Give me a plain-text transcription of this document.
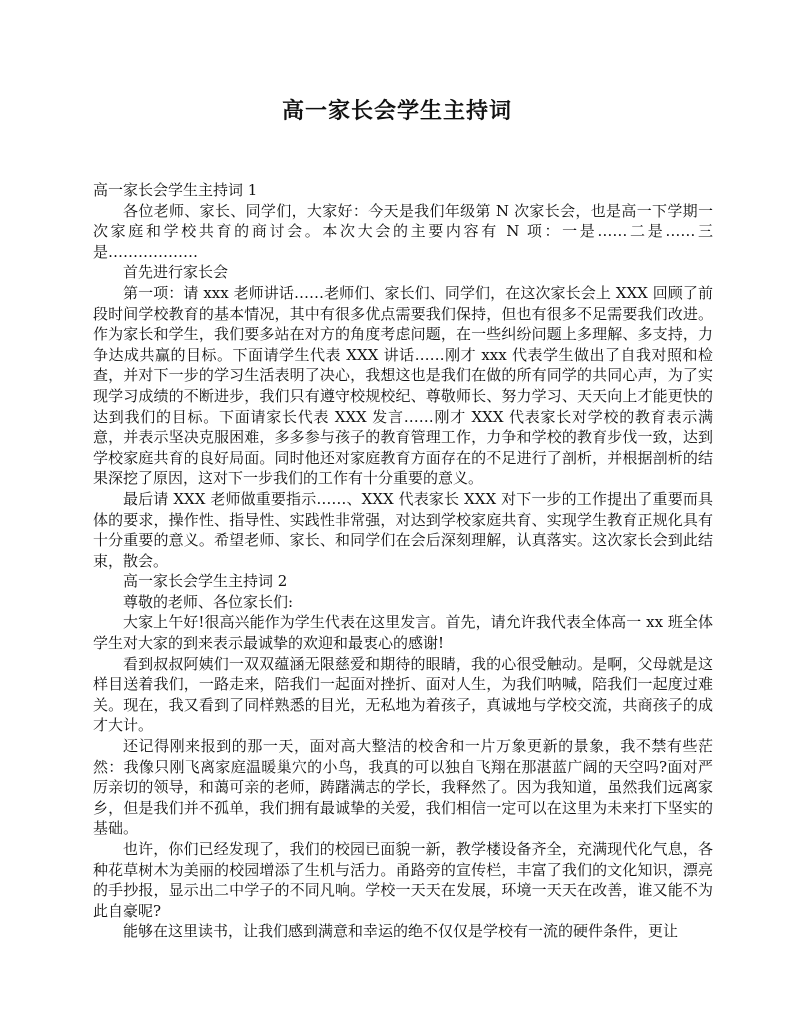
高一家长会学生主持词

高一家长会学生主持词 1

各位老师、家长、同学们，大家好：今天是我们年级第 N 次家长会，也是高一下学期一次家庭和学校共育的商讨会。本次大会的主要内容有 N 项：一是……二是……三是………………

首先进行家长会

第一项：请 xxx 老师讲话……老师们、家长们、同学们，在这次家长会上 XXX 回顾了前段时间学校教育的基本情况，其中有很多优点需要我们保持，但也有很多不足需要我们改进。作为家长和学生，我们要多站在对方的角度考虑问题，在一些纠纷问题上多理解、多支持，力争达成共赢的目标。下面请学生代表 XXX 讲话……刚才 xxx 代表学生做出了自我对照和检查，并对下一步的学习生活表明了决心，我想这也是我们在做的所有同学的共同心声，为了实现学习成绩的不断进步，我们只有遵守校规校纪、尊敬师长、努力学习、天天向上才能更快的达到我们的目标。下面请家长代表 XXX 发言……刚才 XXX 代表家长对学校的教育表示满意，并表示坚决克服困难，多多参与孩子的教育管理工作，力争和学校的教育步伐一致，达到学校家庭共育的良好局面。同时他还对家庭教育方面存在的不足进行了剖析，并根据剖析的结果深挖了原因，这对下一步我们的工作有十分重要的意义。

最后请 XXX 老师做重要指示……、XXX 代表家长 XXX 对下一步的工作提出了重要而具体的要求，操作性、指导性、实践性非常强，对达到学校家庭共育、实现学生教育正规化具有十分重要的意义。希望老师、家长、和同学们在会后深刻理解，认真落实。这次家长会到此结束，散会。

高一家长会学生主持词 2

尊敬的老师、各位家长们:

大家上午好!很高兴能作为学生代表在这里发言。首先，请允许我代表全体高一 xx 班全体学生对大家的到来表示最诚挚的欢迎和最衷心的感谢!

看到叔叔阿姨们一双双蕴涵无限慈爱和期待的眼睛，我的心很受触动。是啊，父母就是这样目送着我们，一路走来，陪我们一起面对挫折、面对人生，为我们呐喊，陪我们一起度过难关。现在，我又看到了同样熟悉的目光，无私地为着孩子，真诚地与学校交流，共商孩子的成才大计。

还记得刚来报到的那一天，面对高大整洁的校舍和一片万象更新的景象，我不禁有些茫然：我像只刚飞离家庭温暖巢穴的小鸟，我真的可以独自飞翔在那湛蓝广阔的天空吗?面对严厉亲切的领导，和蔼可亲的老师，踌躇满志的学长，我释然了。因为我知道，虽然我们远离家乡，但是我们并不孤单，我们拥有最诚挚的关爱，我们相信一定可以在这里为未来打下坚实的基础。

也许，你们已经发现了，我们的校园已面貌一新，教学楼设备齐全，充满现代化气息，各种花草树木为美丽的校园增添了生机与活力。甬路旁的宣传栏，丰富了我们的文化知识，漂亮的手抄报，显示出二中学子的不同凡响。学校一天天在发展，环境一天天在改善，谁又能不为此自豪呢?

能够在这里读书，让我们感到满意和幸运的绝不仅仅是学校有一流的硬件条件，更让
